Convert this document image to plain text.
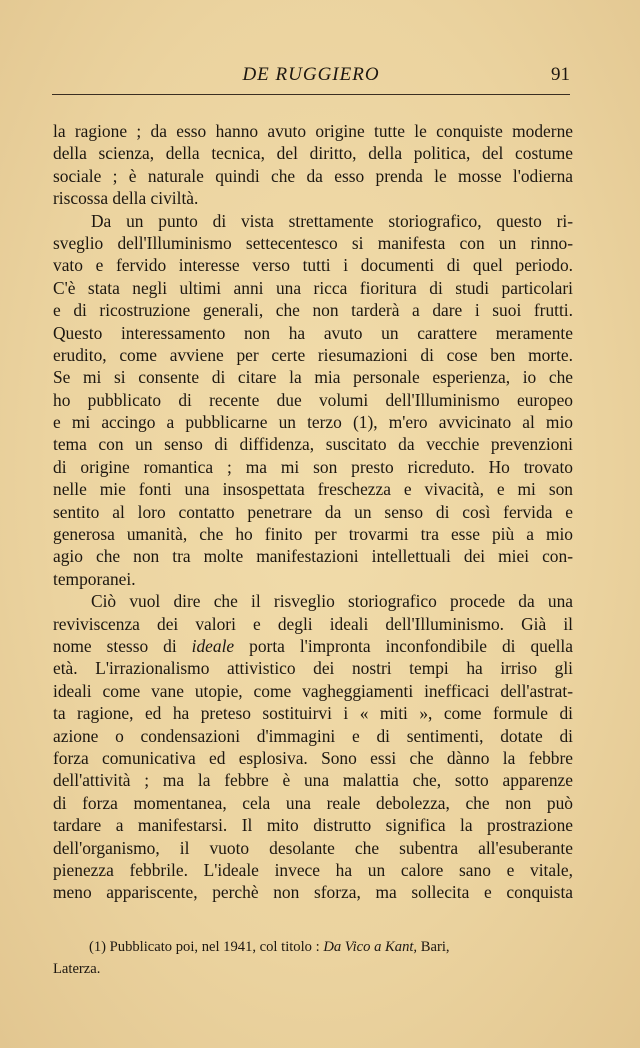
DE RUGGIERO	91
la ragione ; da esso hanno avuto origine tutte le conquiste moderne
della scienza, della tecnica, del diritto, della politica, del costume
sociale ; è naturale quindi che da esso prenda le mosse l'odierna
riscossa della civiltà.
Da un punto di vista strettamente storiografico, questo ri-
sveglio dell'Illuminismo settecentesco si manifesta con un rinno-
vato e fervido interesse verso tutti i documenti di quel periodo.
C'è stata negli ultimi anni una ricca fioritura di studi particolari
e di ricostruzione generali, che non tarderà a dare i suoi frutti.
Questo interessamento non ha avuto un carattere meramente
erudito, come avviene per certe riesumazioni di cose ben morte.
Se mi si consente di citare la mia personale esperienza, io che
ho pubblicato di recente due volumi dell'Illuminismo europeo
e mi accingo a pubblicarne un terzo (1), m'ero avvicinato al mio
tema con un senso di diffidenza, suscitato da vecchie prevenzioni
di origine romantica ; ma mi son presto ricreduto. Ho trovato
nelle mie fonti una insospettata freschezza e vivacità, e mi son
sentito al loro contatto penetrare da un senso di così fervida e
generosa umanità, che ho finito per trovarmi tra esse più a mio
agio che non tra molte manifestazioni intellettuali dei miei con-
temporanei.
Ciò vuol dire che il risveglio storiografico procede da una
reviviscenza dei valori e degli ideali dell'Illuminismo. Già il
nome stesso di ideale porta l'impronta inconfondibile di quella
età. L'irrazionalismo attivistico dei nostri tempi ha irriso gli
ideali come vane utopie, come vagheggiamenti inefficaci dell'astrat-
ta ragione, ed ha preteso sostituirvi i « miti », come formule di
azione o condensazioni d'immagini e di sentimenti, dotate di
forza comunicativa ed esplosiva. Sono essi che dànno la febbre
dell'attività ; ma la febbre è una malattia che, sotto apparenze
di forza momentanea, cela una reale debolezza, che non può
tardare a manifestarsi. Il mito distrutto significa la prostrazione
dell'organismo, il vuoto desolante che subentra all'esuberante
pienezza febbrile. L'ideale invece ha un calore sano e vitale,
meno appariscente, perchè non sforza, ma sollecita e conquista
(1) Pubblicato poi, nel 1941, col titolo : Da Vico a Kant, Bari,
Laterza.
